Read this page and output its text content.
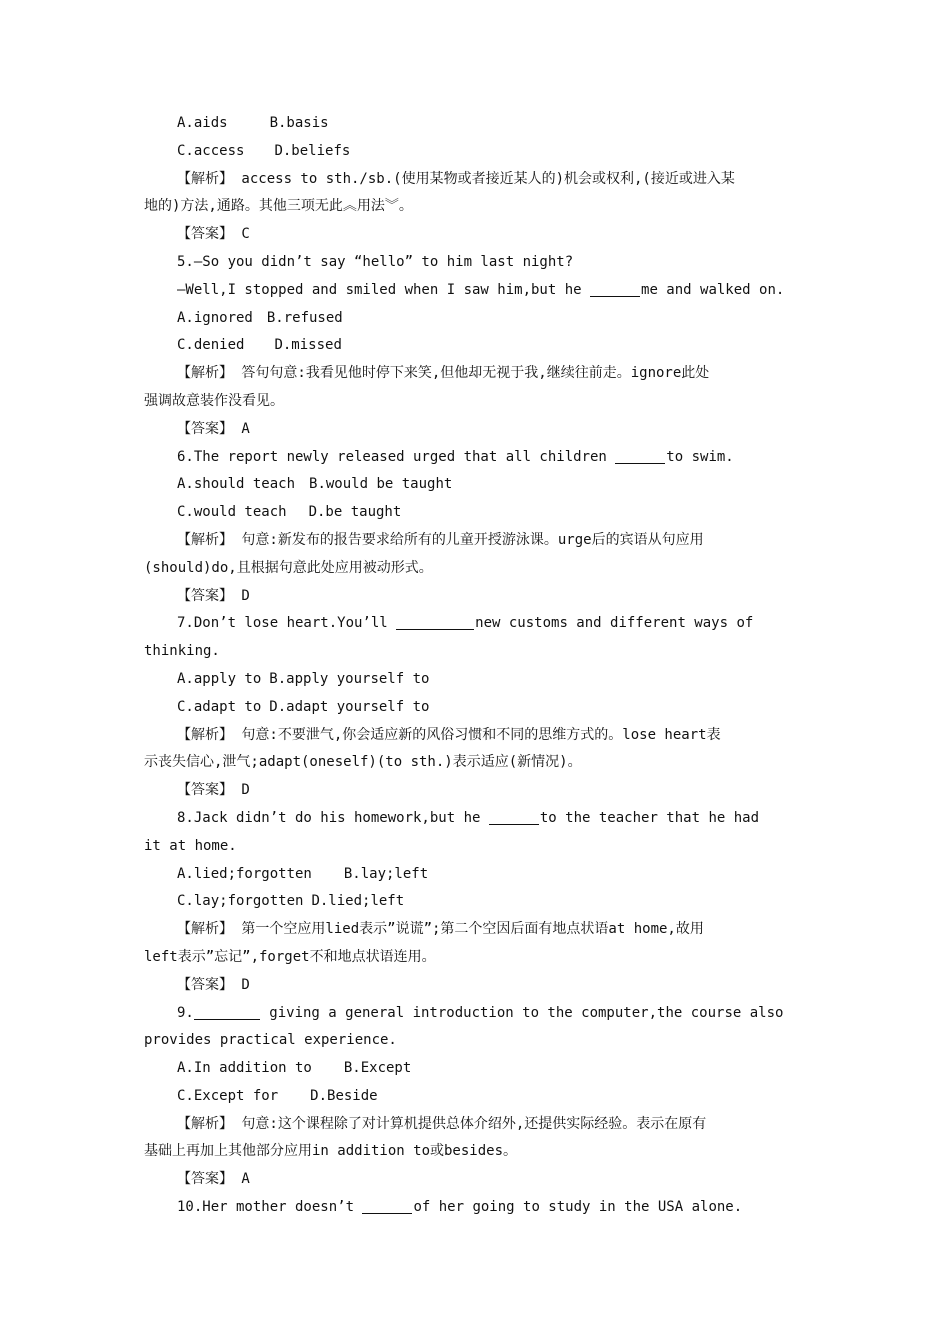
A.aids	B.basis
C.access D.beliefs
【解析】 access to sth./sb.(使用某物或者接近某人的)机会或权利,(接近或进入某
地的)方法,通路。其他三项无此︽用法︾。
【答案】 C
5.—So you didn’t say “hello” to him last night?
—Well,I stopped and smiled when I saw him,but he	me and walked on.
A.ignored B.refused
C.denied D.missed
【解析】 答句句意:我看见他时停下来笑,但他却无视于我,继续往前走。ignore此处
强调故意装作没看见。
【答案】 A
6.The report newly released urged that all children	to swim.
A.should teach B.would be taught
C.would teach D.be taught
【解析】 句意:新发布的报告要求给所有的儿童开授游泳课。urge后的宾语从句应用
(should)do,且根据句意此处应用被动形式。
【答案】 D
7.Don’t lose heart.You’ll	new customs and different ways of
thinking.
A.apply to B.apply yourself to
C.adapt to D.adapt yourself to
【解析】 句意:不要泄气,你会适应新的风俗习惯和不同的思维方式的。lose heart表
示丧失信心,泄气;adapt(oneself)(to sth.)表示适应(新情况)。
【答案】 D
8.Jack didn’t do his homework,but he	to the teacher that he had
it at home.
A.lied;forgotten B.lay;left
C.lay;forgotten D.lied;left
【解析】 第一个空应用lied表示”说谎”;第二个空因后面有地点状语at home,故用
left表示”忘记”,forget不和地点状语连用。
【答案】 D
9.	giving a general introduction to the computer,the course also
provides practical experience.
A.In addition to B.Except
C.Except for D.Beside
【解析】 句意:这个课程除了对计算机提供总体介绍外,还提供实际经验。表示在原有
基础上再加上其他部分应用in addition to或besides。
【答案】 A
10.Her mother doesn’t	of her going to study in the USA alone.
